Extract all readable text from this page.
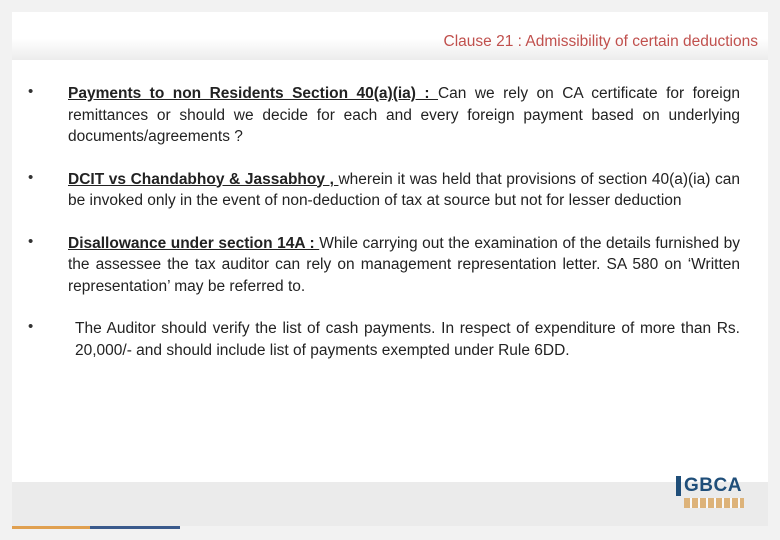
Clause 21 : Admissibility of certain deductions
• Payments to non Residents Section 40(a)(ia) : Can we rely on CA certificate for foreign remittances or should we decide for each and every foreign payment based on underlying documents/agreements ?
• DCIT vs Chandabhoy & Jassabhoy , wherein it was held that provisions of section 40(a)(ia) can be invoked only in the event of non-deduction of tax at source but not for lesser deduction
• Disallowance under section 14A : While carrying out the examination of the details furnished by the assessee the tax auditor can rely on management representation letter. SA 580 on ‘Written representation’ may be referred to.
•	The Auditor should verify the list of cash payments. In respect of expenditure of more than Rs. 20,000/- and should include list of payments exempted under Rule 6DD.
GBCA
